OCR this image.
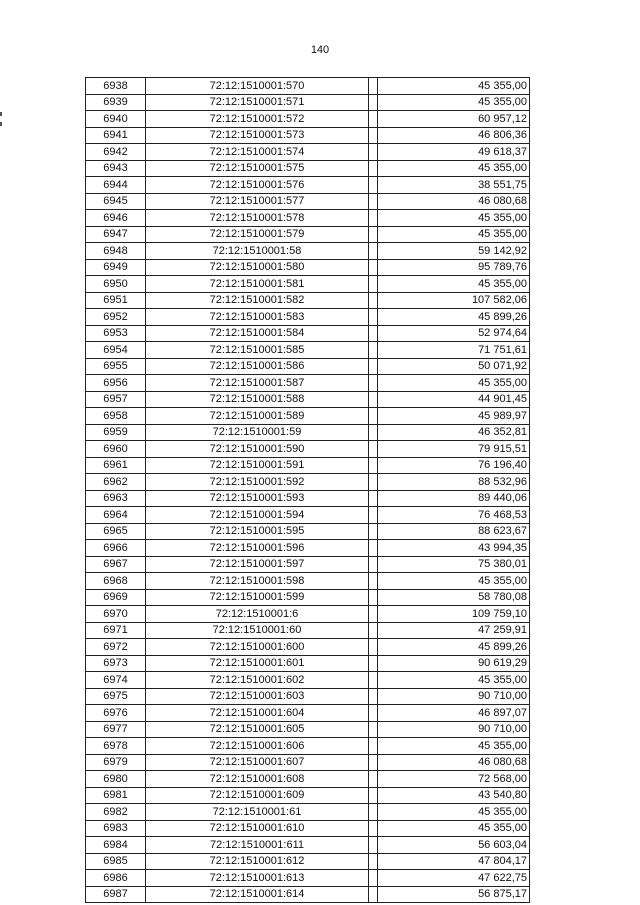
140
6938	72:12:1510001:570		45 355,00
6939	72:12:1510001:571		45 355,00
6940	72:12:1510001:572		60 957,12
6941	72:12:1510001:573		46 806,36
6942	72:12:1510001:574		49 618,37
6943	72:12:1510001:575		45 355,00
6944	72:12:1510001:576		38 551,75
6945	72:12:1510001:577		46 080,68
6946	72:12:1510001:578		45 355,00
6947	72:12:1510001:579		45 355,00
6948	72:12:1510001:58		59 142,92
6949	72:12:1510001:580		95 789,76
6950	72:12:1510001:581		45 355,00
6951	72:12:1510001:582		107 582,06
6952	72:12:1510001:583		45 899,26
6953	72:12:1510001:584		52 974,64
6954	72:12:1510001:585		71 751,61
6955	72:12:1510001:586		50 071,92
6956	72:12:1510001:587		45 355,00
6957	72:12:1510001:588		44 901,45
6958	72:12:1510001:589		45 989,97
6959	72:12:1510001:59		46 352,81
6960	72:12:1510001:590		79 915,51
6961	72:12:1510001:591		76 196,40
6962	72:12:1510001:592		88 532,96
6963	72:12:1510001:593		89 440,06
6964	72:12:1510001:594		76 468,53
6965	72:12:1510001:595		88 623,67
6966	72:12:1510001:596		43 994,35
6967	72:12:1510001:597		75 380,01
6968	72:12:1510001:598		45 355,00
6969	72:12:1510001:599		58 780,08
6970	72:12:1510001:6		109 759,10
6971	72:12:1510001:60		47 259,91
6972	72:12:1510001:600		45 899,26
6973	72:12:1510001:601		90 619,29
6974	72:12:1510001:602		45 355,00
6975	72:12:1510001:603		90 710,00
6976	72:12:1510001:604		46 897,07
6977	72:12:1510001:605		90 710,00
6978	72:12:1510001:606		45 355,00
6979	72:12:1510001:607		46 080,68
6980	72:12:1510001:608		72 568,00
6981	72:12:1510001:609		43 540,80
6982	72:12:1510001:61		45 355,00
6983	72:12:1510001:610		45 355,00
6984	72:12:1510001:611		56 603,04
6985	72:12:1510001:612		47 804,17
6986	72:12:1510001:613		47 622,75
6987	72:12:1510001:614		56 875,17
